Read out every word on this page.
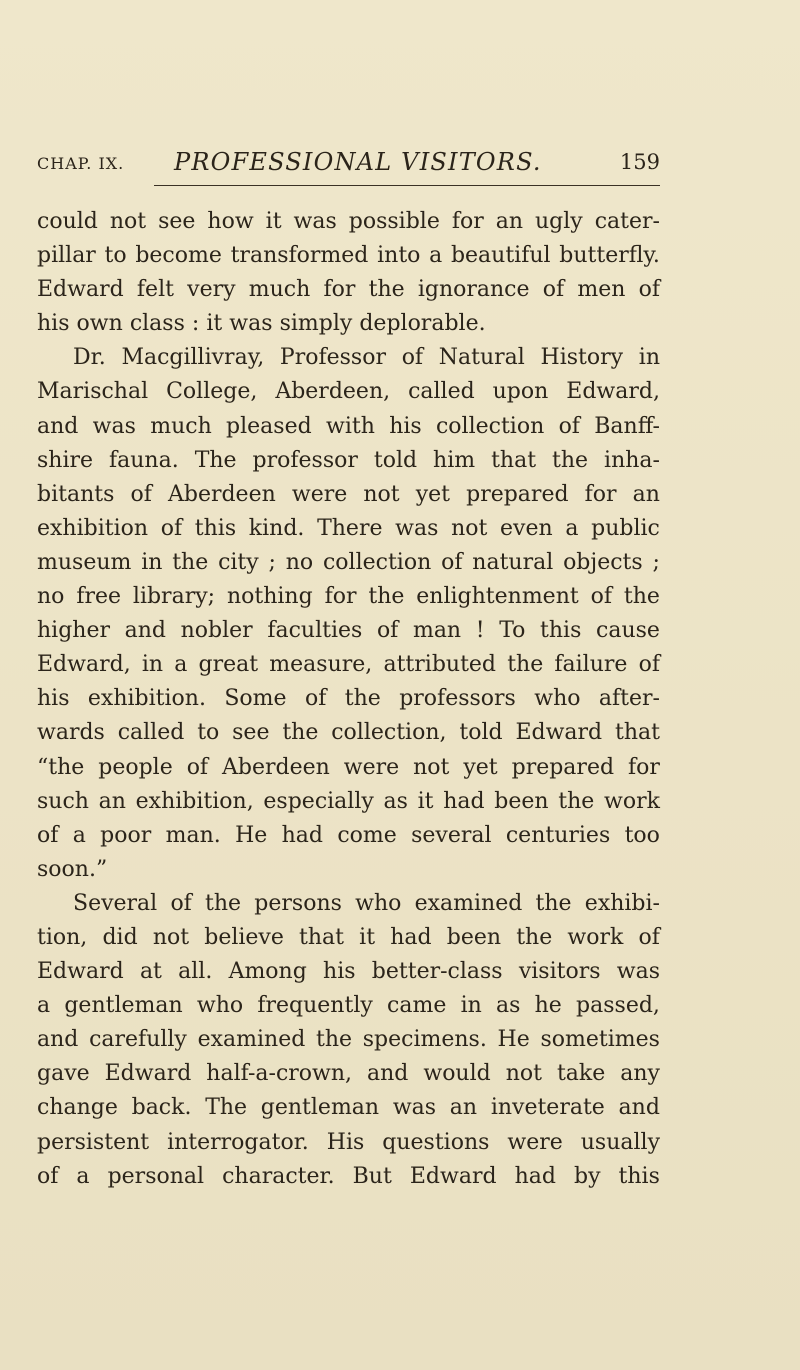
CHAP. IX. PROFESSIONAL VISITORS.	159
could not see how it was possible for an ugly cater-
pillar to become transformed into a beautiful butterfly.
Edward felt very much for the ignorance of men of
his own class : it was simply deplorable.
Dr. Macgillivray, Professor of Natural History in
Marischal College, Aberdeen, called upon Edward,
and was much pleased with his collection of Banff-
shire fauna. The professor told him that the inha-
bitants of Aberdeen were not yet prepared for an
exhibition of this kind. There was not even a public
museum in the city ; no collection of natural objects ;
no free library; nothing for the enlightenment of the
higher and nobler faculties of man ! To this cause
Edward, in a great measure, attributed the failure of
his exhibition. Some of the professors who after-
wards called to see the collection, told Edward that
“the people of Aberdeen were not yet prepared for
such an exhibition, especially as it had been the work
of a poor man. He had come several centuries too
soon.”
Several of the persons who examined the exhibi-
tion, did not believe that it had been the work of
Edward at all. Among his better-class visitors was
a gentleman who frequently came in as he passed,
and carefully examined the specimens. He sometimes
gave Edward half-a-crown, and would not take any
change back. The gentleman was an inveterate and
persistent interrogator. His questions were usually
of a personal character. But Edward had by this
